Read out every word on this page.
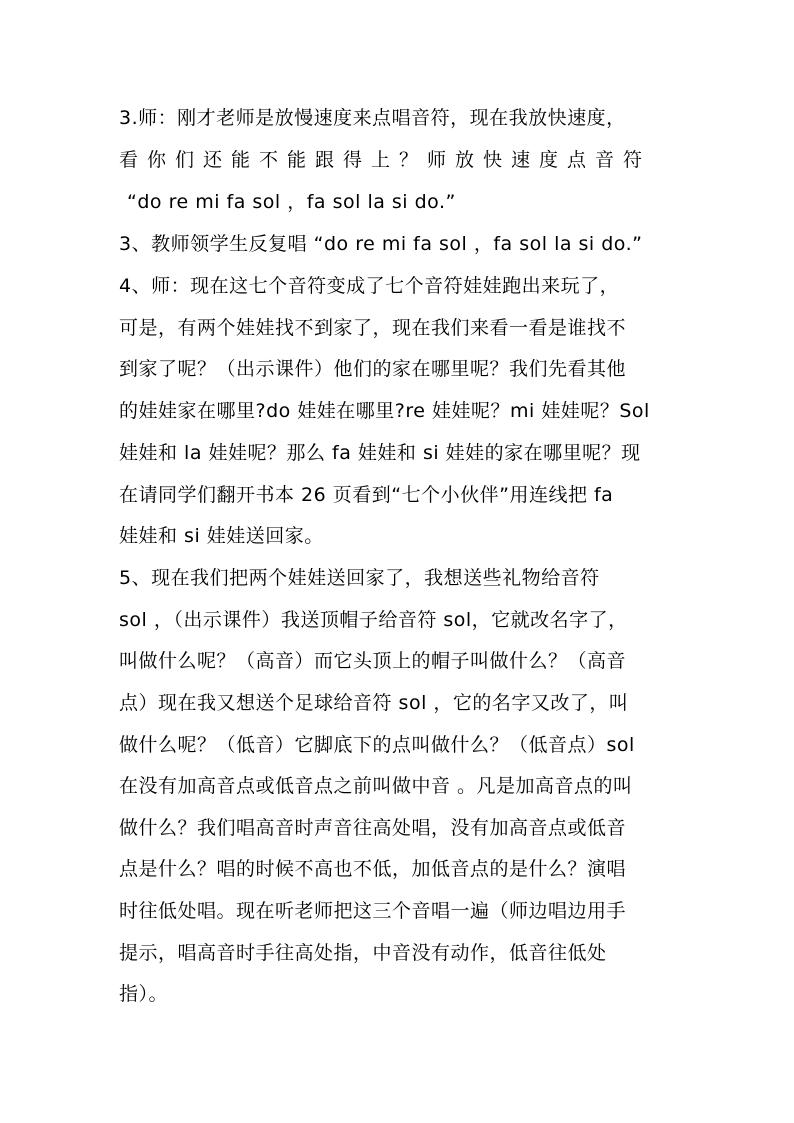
3.师：刚才老师是放慢速度来点唱音符，现在我放快速度，
看你们还能不能跟得上？师放快速度点音符
“do re mi fa sol ，fa sol la si do.”
3、教师领学生反复唱 “do re mi fa sol ，fa sol la si do.”
4、师：现在这七个音符变成了七个音符娃娃跑出来玩了，
可是，有两个娃娃找不到家了，现在我们来看一看是谁找不
到家了呢？（出示课件）他们的家在哪里呢？我们先看其他
的娃娃家在哪里?do 娃娃在哪里?re 娃娃呢？mi 娃娃呢？Sol
娃娃和 la 娃娃呢？那么 fa 娃娃和 si 娃娃的家在哪里呢？现
在请同学们翻开书本 26 页看到“七个小伙伴”用连线把 fa
娃娃和 si 娃娃送回家。
5、现在我们把两个娃娃送回家了，我想送些礼物给音符
sol ，（出示课件）我送顶帽子给音符 sol，它就改名字了，
叫做什么呢？（高音）而它头顶上的帽子叫做什么？（高音
点）现在我又想送个足球给音符 sol ，它的名字又改了，叫
做什么呢？（低音）它脚底下的点叫做什么？（低音点）sol
在没有加高音点或低音点之前叫做中音 。凡是加高音点的叫
做什么？我们唱高音时声音往高处唱，没有加高音点或低音
点是什么？唱的时候不高也不低，加低音点的是什么？演唱
时往低处唱。现在听老师把这三个音唱一遍（师边唱边用手
提示，唱高音时手往高处指，中音没有动作，低音往低处
指）。
